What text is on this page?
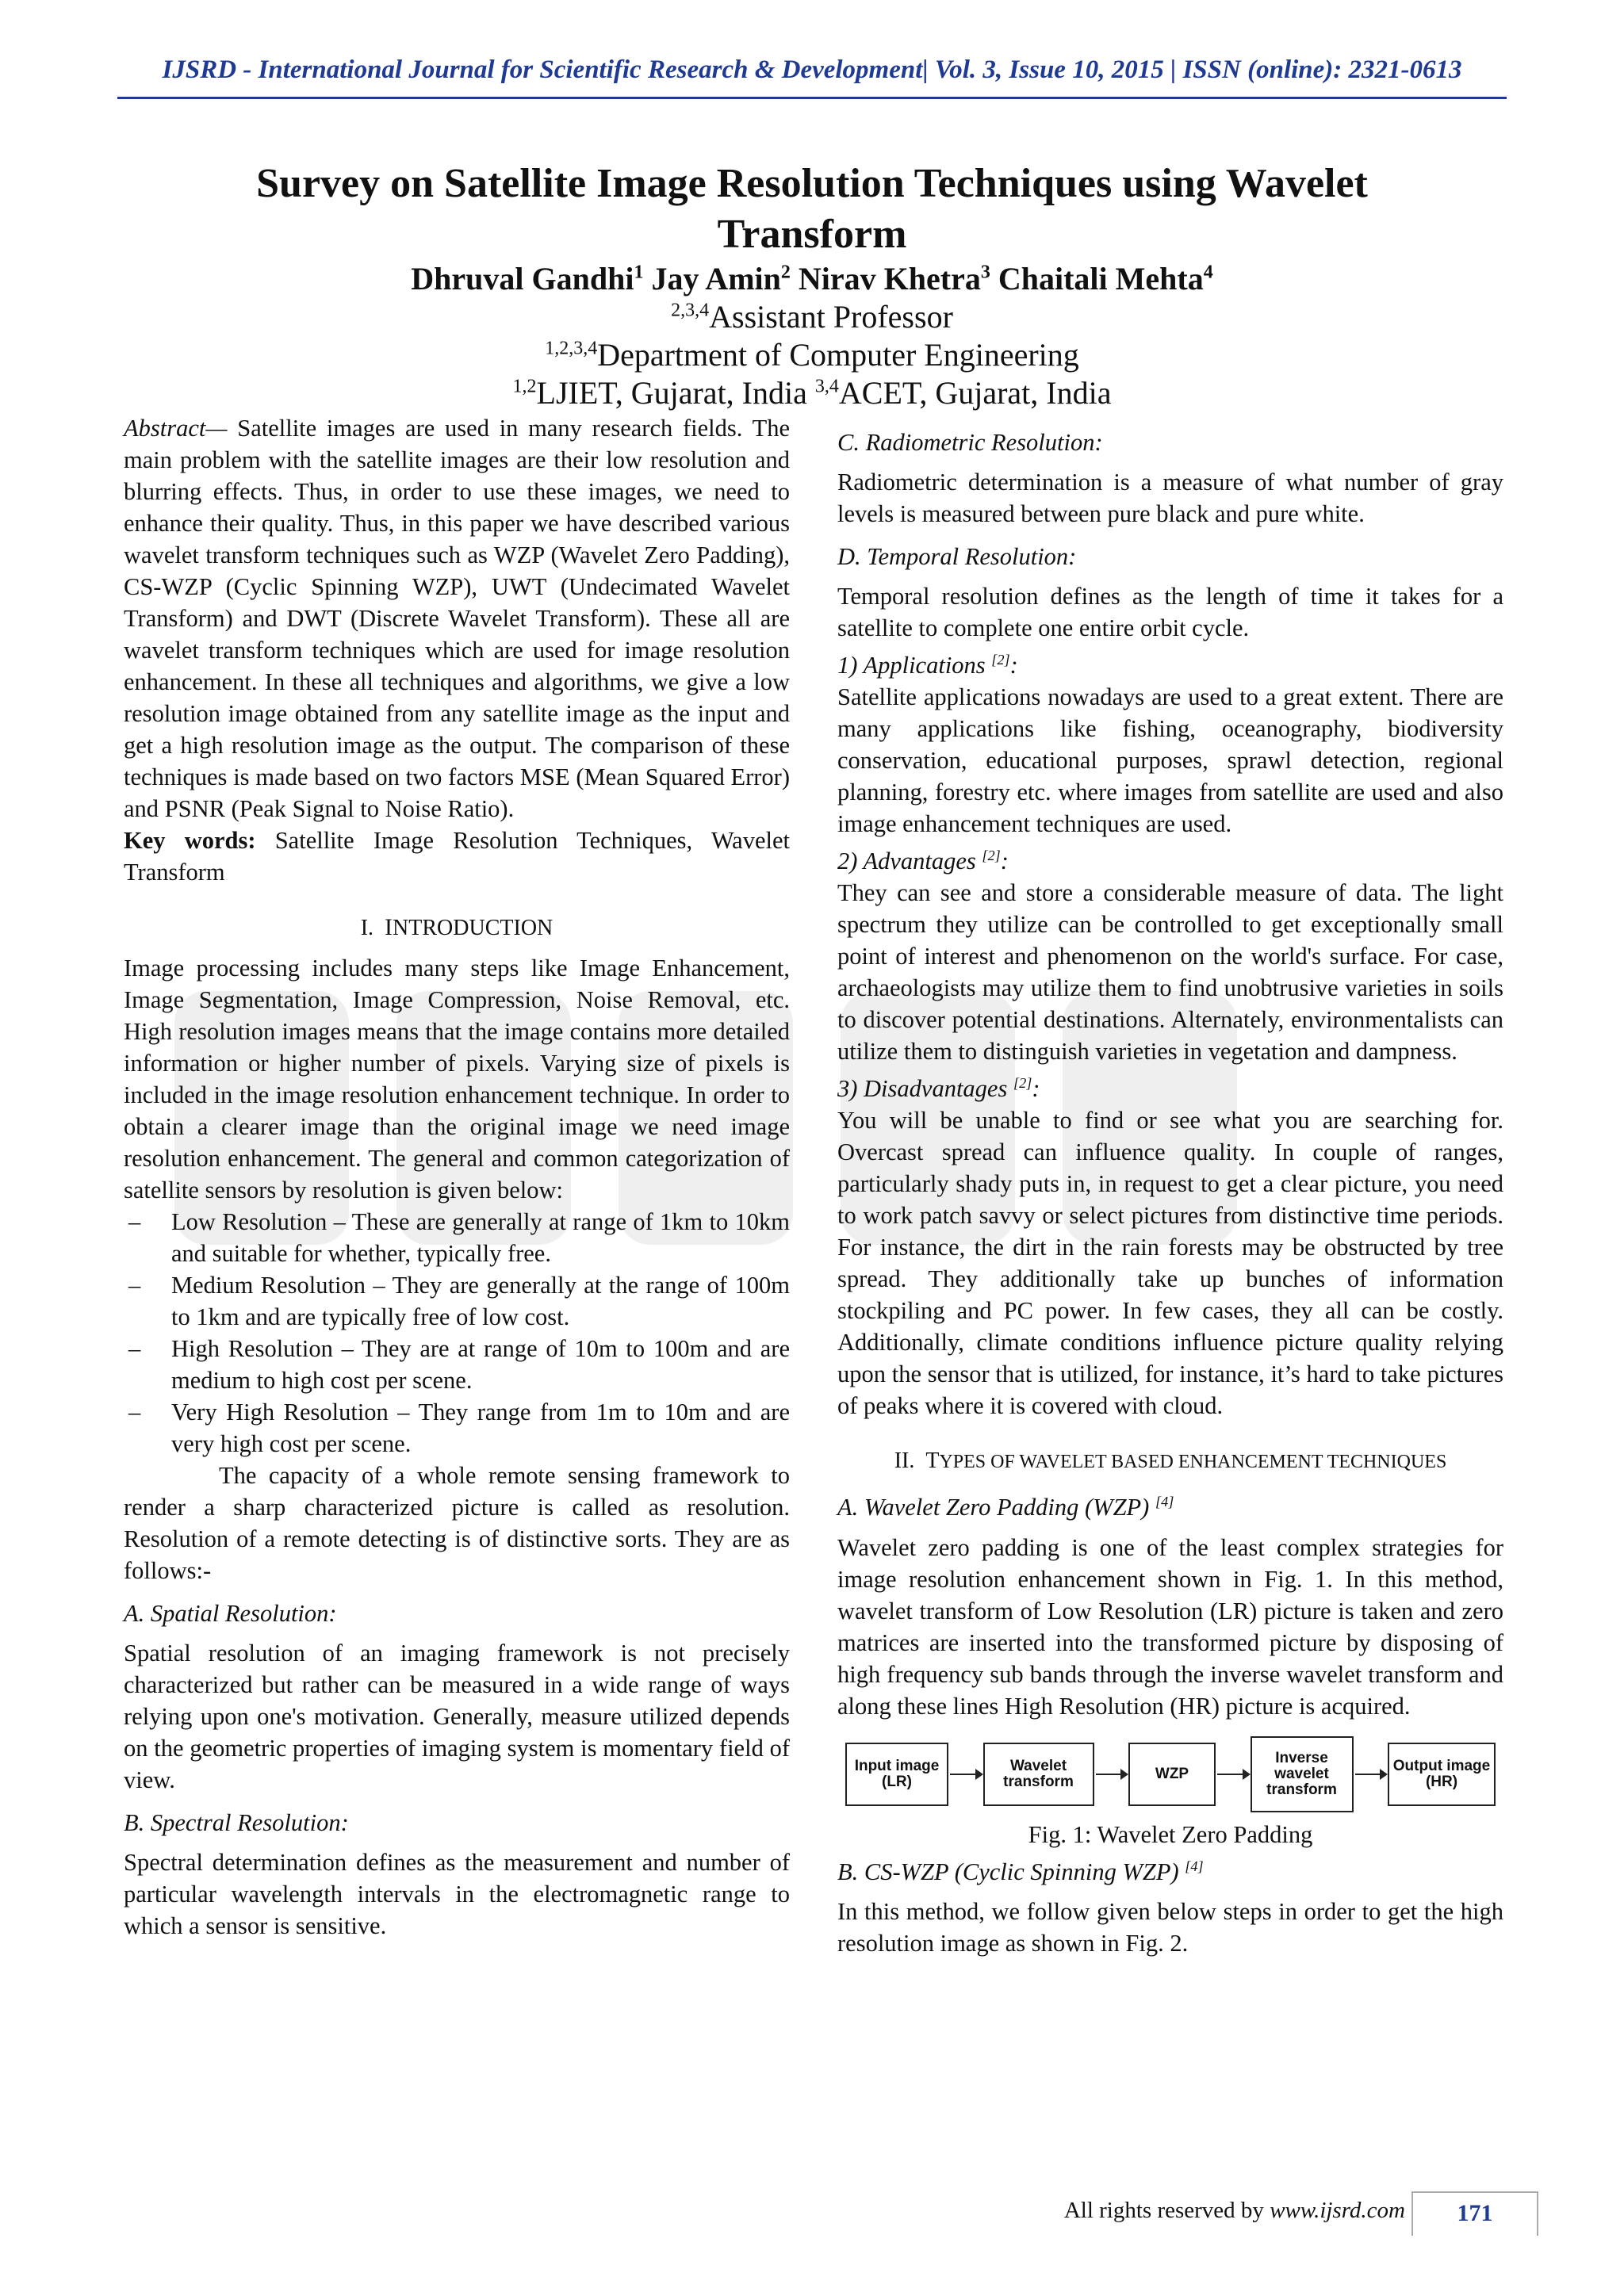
IJSRD - International Journal for Scientific Research & Development| Vol. 3, Issue 10, 2015 | ISSN (online): 2321-0613
Survey on Satellite Image Resolution Techniques using Wavelet Transform
Dhruval Gandhi$^1$ Jay Amin$^2$ Nirav Khetra$^3$ Chaitali Mehta$^4$
$^{2,3,4}$Assistant Professor
$^{1,2,3,4}$Department of Computer Engineering
$^{1,2}$LJIET, Gujarat, India $^{3,4}$ACET, Gujarat, India

Abstract— Satellite images are used in many research fields. The main problem with the satellite images are their low resolution and blurring effects. Thus, in order to use these images, we need to enhance their quality. Thus, in this paper we have described various wavelet transform techniques such as WZP (Wavelet Zero Padding), CS-WZP (Cyclic Spinning WZP), UWT (Undecimated Wavelet Transform) and DWT (Discrete Wavelet Transform). These all are wavelet transform techniques which are used for image resolution enhancement. In these all techniques and algorithms, we give a low resolution image obtained from any satellite image as the input and get a high resolution image as the output. The comparison of these techniques is made based on two factors MSE (Mean Squared Error) and PSNR (Peak Signal to Noise Ratio).

Key words: Satellite Image Resolution Techniques, Wavelet Transform

I. INTRODUCTION

Image processing includes many steps like Image Enhancement, Image Segmentation, Image Compression, Noise Removal, etc. High resolution images means that the image contains more detailed information or higher number of pixels. Varying size of pixels is included in the image resolution enhancement technique. In order to obtain a clearer image than the original image we need image resolution enhancement. The general and common categorization of satellite sensors by resolution is given below:

– Low Resolution – These are generally at range of 1km to 10km and suitable for whether, typically free.
– Medium Resolution – They are generally at the range of 100m to 1km and are typically free of low cost.
– High Resolution – They are at range of 10m to 100m and are medium to high cost per scene.
– Very High Resolution – They range from 1m to 10m and are very high cost per scene.

The capacity of a whole remote sensing framework to render a sharp characterized picture is called as resolution. Resolution of a remote detecting is of distinctive sorts. They are as follows:-

A. Spatial Resolution:

Spatial resolution of an imaging framework is not precisely characterized but rather can be measured in a wide range of ways relying upon one's motivation. Generally, measure utilized depends on the geometric properties of imaging system is momentary field of view.

B. Spectral Resolution:

Spectral determination defines as the measurement and number of particular wavelength intervals in the electromagnetic range to which a sensor is sensitive.

C. Radiometric Resolution:

Radiometric determination is a measure of what number of gray levels is measured between pure black and pure white.

D. Temporal Resolution:

Temporal resolution defines as the length of time it takes for a satellite to complete one entire orbit cycle.

1) Applications [2]:

Satellite applications nowadays are used to a great extent. There are many applications like fishing, oceanography, biodiversity conservation, educational purposes, sprawl detection, regional planning, forestry etc. where images from satellite are used and also image enhancement techniques are used.

2) Advantages [2]:

They can see and store a considerable measure of data. The light spectrum they utilize can be controlled to get exceptionally small point of interest and phenomenon on the world's surface. For case, archaeologists may utilize them to find unobtrusive varieties in soils to discover potential destinations. Alternately, environmentalists can utilize them to distinguish varieties in vegetation and dampness.

3) Disadvantages [2]:

You will be unable to find or see what you are searching for. Overcast spread can influence quality. In couple of ranges, particularly shady puts in, in request to get a clear picture, you need to work patch savvy or select pictures from distinctive time periods. For instance, the dirt in the rain forests may be obstructed by tree spread. They additionally take up bunches of information stockpiling and PC power. In few cases, they all can be costly. Additionally, climate conditions influence picture quality relying upon the sensor that is utilized, for instance, it’s hard to take pictures of peaks where it is covered with cloud.

II. TYPES OF WAVELET BASED ENHANCEMENT TECHNIQUES

A. Wavelet Zero Padding (WZP) [4]

Wavelet zero padding is one of the least complex strategies for image resolution enhancement shown in Fig. 1. In this method, wavelet transform of Low Resolution (LR) picture is taken and zero matrices are inserted into the transformed picture by disposing of high frequency sub bands through the inverse wavelet transform and along these lines High Resolution (HR) picture is acquired.

Input image
(LR)
Wavelet
transform	WZP
Inverse
wavelet
transform
Output image
(HR)

Fig. 1: Wavelet Zero Padding

B. CS-WZP (Cyclic Spinning WZP) [4]

In this method, we follow given below steps in order to get the high resolution image as shown in Fig. 2.

All rights reserved by www.ijsrd.com	171
